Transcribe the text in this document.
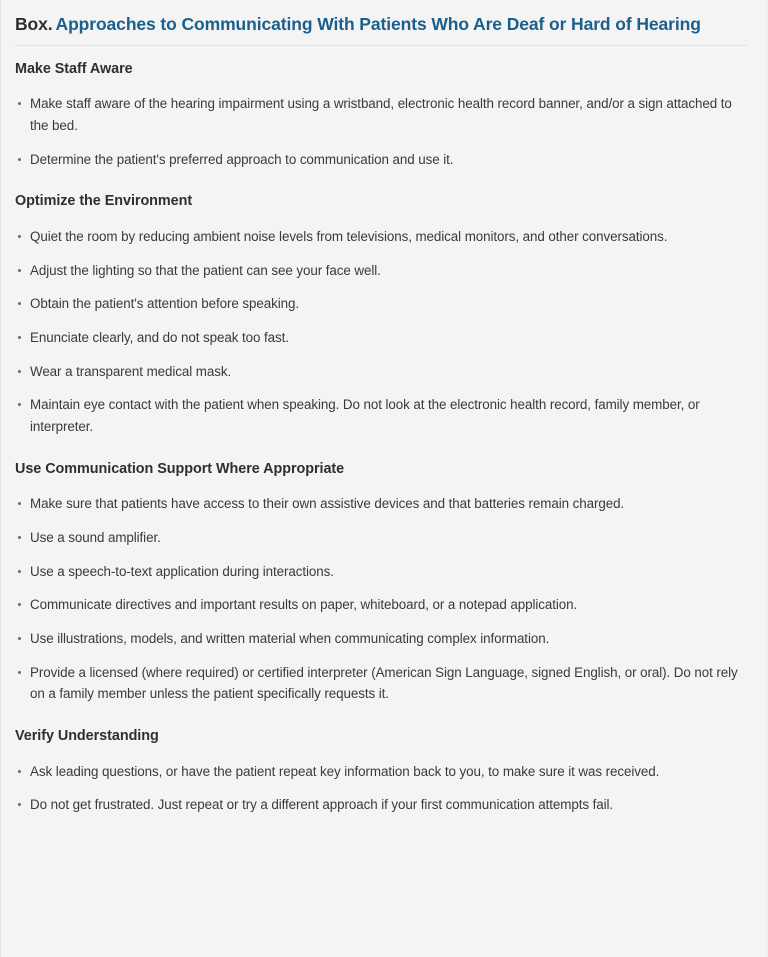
Box. Approaches to Communicating With Patients Who Are Deaf or Hard of Hearing
Make Staff Aware
Make staff aware of the hearing impairment using a wristband, electronic health record banner, and/or a sign attached to the bed.
Determine the patient's preferred approach to communication and use it.
Optimize the Environment
Quiet the room by reducing ambient noise levels from televisions, medical monitors, and other conversations.
Adjust the lighting so that the patient can see your face well.
Obtain the patient's attention before speaking.
Enunciate clearly, and do not speak too fast.
Wear a transparent medical mask.
Maintain eye contact with the patient when speaking. Do not look at the electronic health record, family member, or interpreter.
Use Communication Support Where Appropriate
Make sure that patients have access to their own assistive devices and that batteries remain charged.
Use a sound amplifier.
Use a speech-to-text application during interactions.
Communicate directives and important results on paper, whiteboard, or a notepad application.
Use illustrations, models, and written material when communicating complex information.
Provide a licensed (where required) or certified interpreter (American Sign Language, signed English, or oral). Do not rely on a family member unless the patient specifically requests it.
Verify Understanding
Ask leading questions, or have the patient repeat key information back to you, to make sure it was received.
Do not get frustrated. Just repeat or try a different approach if your first communication attempts fail.
